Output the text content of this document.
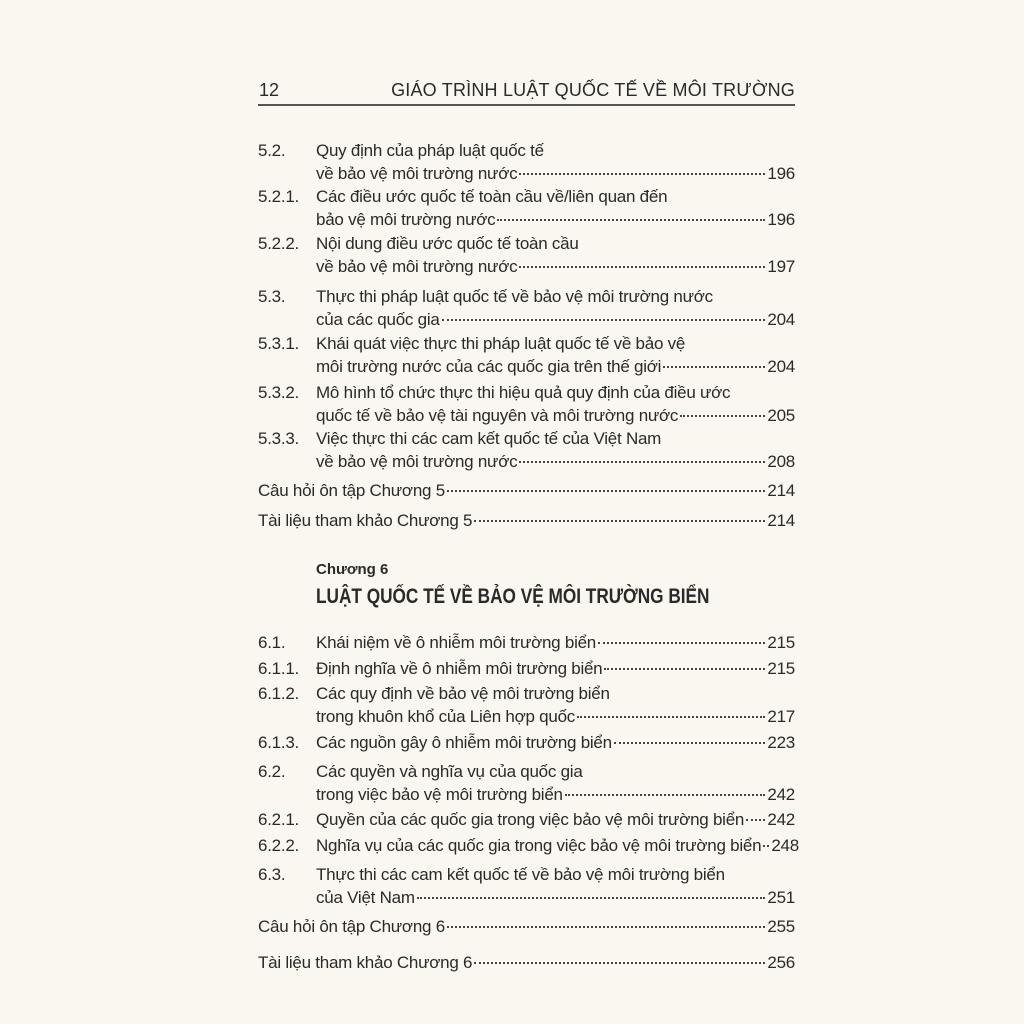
12	GIÁO TRÌNH LUẬT QUỐC TẾ VỀ MÔI TRƯỜNG
5.2. Quy định của pháp luật quốc tế
về bảo vệ môi trường nước	196
5.2.1. Các điều ước quốc tế toàn cầu về/liên quan đến
bảo vệ môi trường nước	196
5.2.2. Nội dung điều ước quốc tế toàn cầu
về bảo vệ môi trường nước	197
5.3. Thực thi pháp luật quốc tế về bảo vệ môi trường nước
của các quốc gia	204
5.3.1. Khái quát việc thực thi pháp luật quốc tế về bảo vệ
môi trường nước của các quốc gia trên thế giới	204
5.3.2. Mô hình tổ chức thực thi hiệu quả quy định của điều ước
quốc tế về bảo vệ tài nguyên và môi trường nước	205
5.3.3. Việc thực thi các cam kết quốc tế của Việt Nam
về bảo vệ môi trường nước	208
Câu hỏi ôn tập Chương 5	214
Tài liệu tham khảo Chương 5	214
6.1. Khái niệm về ô nhiễm môi trường biển	215
6.1.1. Định nghĩa về ô nhiễm môi trường biển	215
6.1.2. Các quy định về bảo vệ môi trường biển
trong khuôn khổ của Liên hợp quốc	217
6.1.3. Các nguồn gây ô nhiễm môi trường biển	223
6.2. Các quyền và nghĩa vụ của quốc gia
trong việc bảo vệ môi trường biển	242
6.2.1. Quyền của các quốc gia trong việc bảo vệ môi trường biển 242
6.2.2. Nghĩa vụ của các quốc gia trong việc bảo vệ môi trường biển 248
6.3. Thực thi các cam kết quốc tế về bảo vệ môi trường biển
của Việt Nam	251
Câu hỏi ôn tập Chương 6	255
Tài liệu tham khảo Chương 6	256
Chương 6
LUẬT QUỐC TẾ VỀ BẢO VỆ MÔI TRƯỜNG BIỂN
